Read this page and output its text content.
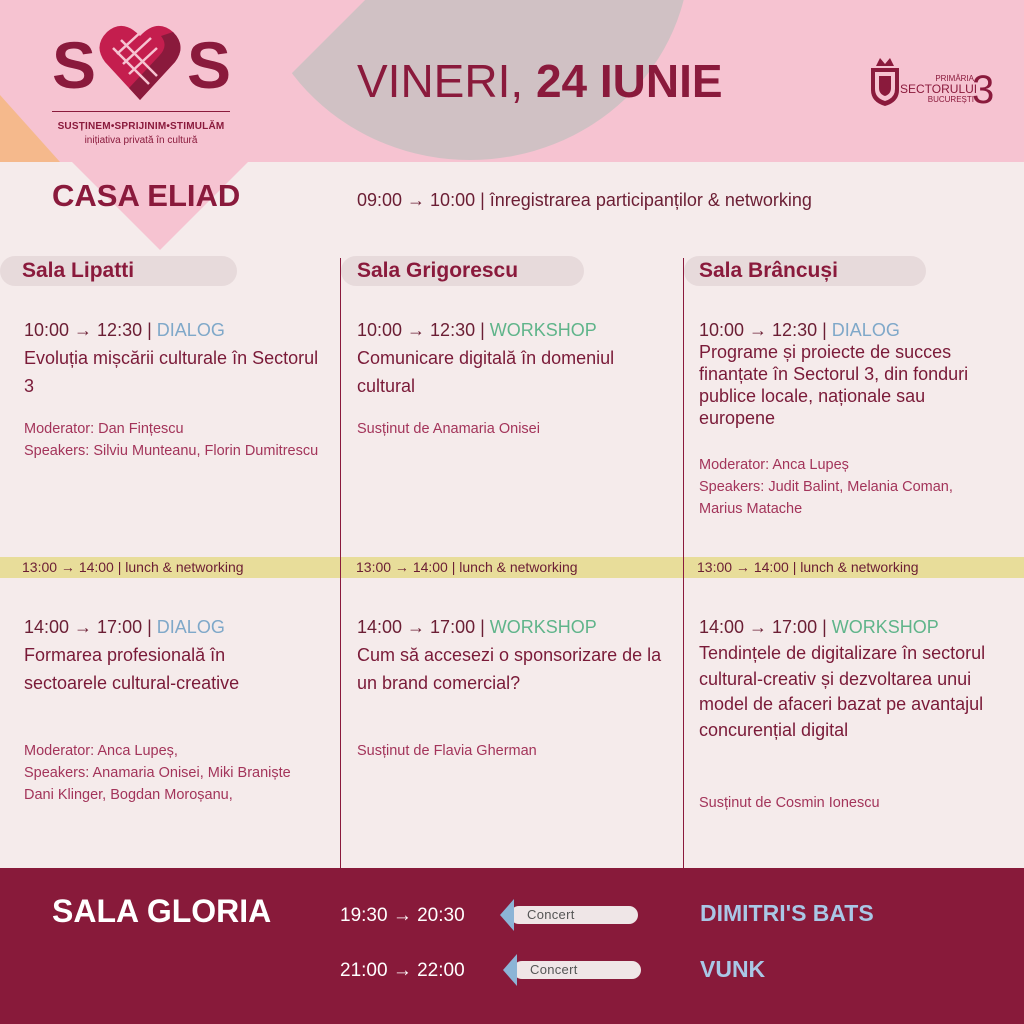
S S
SUSȚINEM•SPRIJINIM•STIMULĂM
inițiativa privată în cultură
VINERI, 24 IUNIE	PRIMĂRIA
SECTORULUI
BUCUREȘTI
3
CASA ELIAD	09:00 → 10:00 | înregistrarea participanților & networking
Sala Lipatti	Sala Grigorescu	Sala Brâncuși
10:00 → 12:30 | DIALOG
Evoluția mișcării culturale în Sectorul 3
Moderator: Dan Fințescu
Speakers: Silviu Munteanu, Florin Dumitrescu
10:00 → 12:30 | WORKSHOP
Comunicare digitală în domeniul cultural
Susținut de Anamaria Onisei
10:00 → 12:30 | DIALOG
Programe și proiecte de succes finanțate în Sectorul 3, din fonduri publice locale, naționale sau europene
Moderator: Anca Lupeș
Speakers: Judit Balint, Melania Coman,
Marius Matache
13:00 → 14:00 | lunch & networking	13:00 → 14:00 | lunch & networking	13:00 → 14:00 | lunch & networking
14:00 → 17:00 | DIALOG
Formarea profesională în sectoarele cultural-creative
Moderator: Anca Lupeș,
Speakers: Anamaria Onisei, Miki Braniște
Dani Klinger, Bogdan Moroșanu,
14:00 → 17:00 | WORKSHOP
Cum să accesezi o sponsorizare de la un brand comercial?
Susținut de Flavia Gherman
14:00 → 17:00 | WORKSHOP
Tendințele de digitalizare în sectorul cultural-creativ și dezvoltarea unui model de afaceri bazat pe avantajul concurențial digital
Susținut de Cosmin Ionescu
SALA GLORIA	19:30 → 20:30	Concert	DIMITRI'S BATS
21:00 → 22:00	Concert	VUNK
